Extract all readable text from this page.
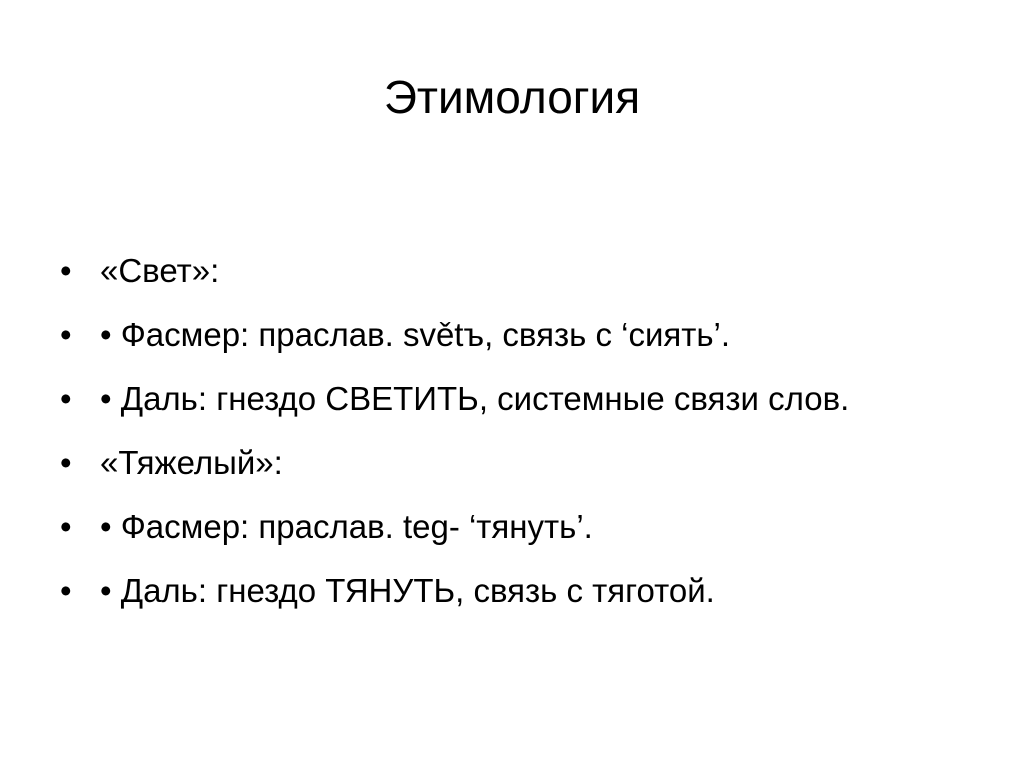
Этимология
• «Свет»:
• • Фасмер: праслав. světъ, связь с ‘сиять’.
• • Даль: гнездо СВЕТИТЬ, системные связи слов.
• «Тяжелый»:
• • Фасмер: праслав. teg- ‘тянуть’.
• • Даль: гнездо ТЯНУТЬ, связь с тяготой.
